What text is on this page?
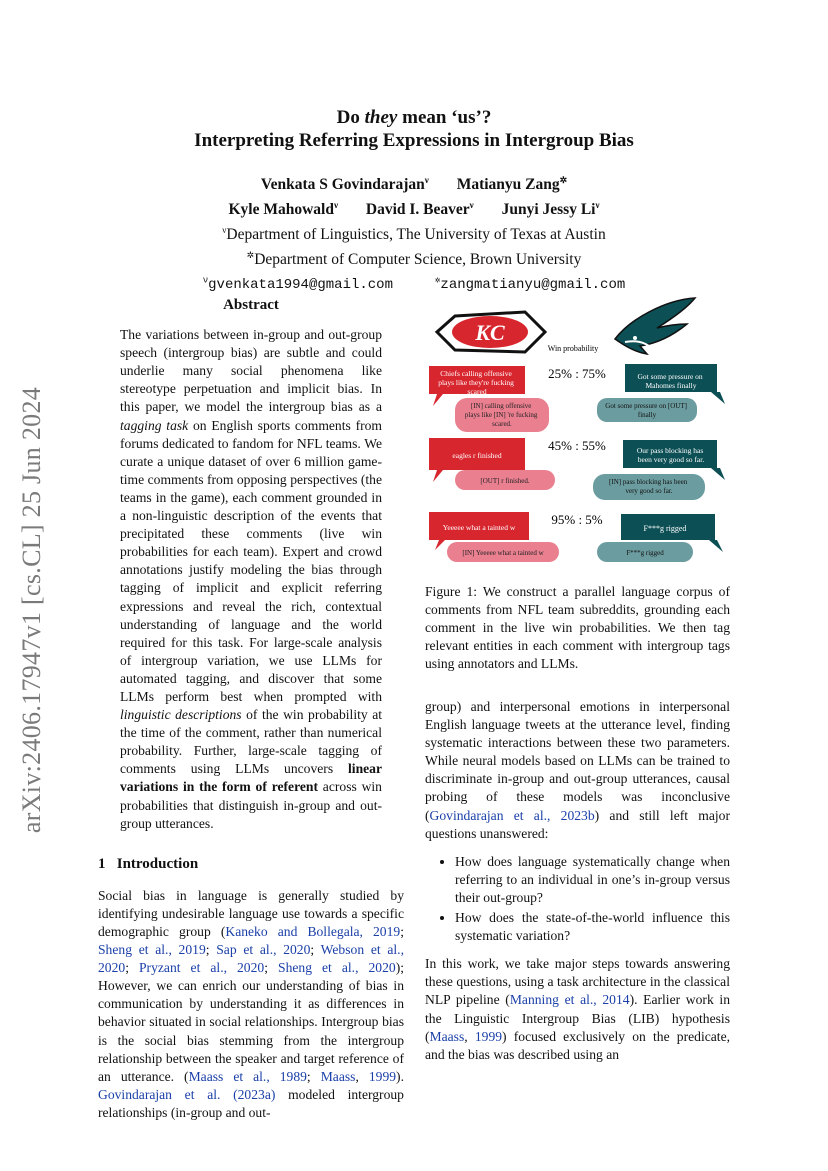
arXiv:2406.17947v1 [cs.CL] 25 Jun 2024
Do they mean ‘us’?
Interpreting Referring Expressions in Intergroup Bias
Venkata S Govindarajan$^\nu$ Matianyu Zang✲
Kyle Mahowald$^\nu$ David I. Beaver$^\nu$ Junyi Jessy $Li^\nu$
$^\nu$Department of Linguistics, The University of Texas at Austin
✲Department of Computer Science, Brown University
$^\nu$gvenkata1994@gmail.com	✲zangmatianyu@gmail.com
Abstract

The variations between in-group and out-group speech (intergroup bias) are subtle and could underlie many social phenomena like stereotype perpetuation and implicit bias. In this paper, we model the intergroup bias as a tagging task on English sports comments from forums dedicated to fandom for NFL teams. We curate a unique dataset of over 6 million game-time comments from opposing perspectives (the teams in the game), each comment grounded in a non-linguistic description of the events that precipitated these comments (live win probabilities for each team). Expert and crowd annotations justify modeling the bias through tagging of implicit and explicit referring expressions and reveal the rich, contextual understanding of language and the world required for this task. For large-scale analysis of intergroup variation, we use LLMs for automated tagging, and discover that some LLMs perform best when prompted with linguistic descriptions of the win probability at the time of the comment, rather than numerical probability. Further, large-scale tagging of comments using LLMs uncovers linear variations in the form of referent across win probabilities that distinguish in-group and out-group utterances.

1   Introduction

Social bias in language is generally studied by identifying undesirable language use towards a specific demographic group (Kaneko and Bollegala, 2019; Sheng et al., 2019; Sap et al., 2020; Webson et al., 2020; Pryzant et al., 2020; Sheng et al., 2020); However, we can enrich our understanding of bias in communication by understanding it as differences in behavior situated in social relationships. Intergroup bias is the social bias stemming from the intergroup relationship between the speaker and target reference of an utterance. (Maass et al., 1989; Maass, 1999). Govindarajan et al. (2023a) modeled intergroup relationships (in-group and out-

KC
Win probability
Chiefs calling offensive plays like they're fucking scared
[IN] calling offensive plays like [IN] 're fucking scared.
25% : 75%	Got some pressure on Mahomes finally
Got some pressure on [OUT] finally
eagles r finished
[OUT] r finished.
45% : 55%	Our pass blocking has been very good so far.
[IN] pass blocking has been very good so far.
Yeeeee what a tainted w
[IN] Yeeeee what a tainted w
95% : 5%
F***g rigged
F***g rigged

Figure 1: We construct a parallel language corpus of comments from NFL team subreddits, grounding each comment in the live win probabilities. We then tag relevant entities in each comment with intergroup tags using annotators and LLMs.

group) and interpersonal emotions in interpersonal English language tweets at the utterance level, finding systematic interactions between these two parameters. While neural models based on LLMs can be trained to discriminate in-group and out-group utterances, causal probing of these models was inconclusive (Govindarajan et al., 2023b) and still left major questions unanswered:

• How does language systematically change when referring to an individual in one’s in-group versus their out-group?
• How does the state-of-the-world influence this systematic variation?

In this work, we take major steps towards answering these questions, using a task architecture in the classical NLP pipeline (Manning et al., 2014). Earlier work in the Linguistic Intergroup Bias (LIB) hypothesis (Maass, 1999) focused exclusively on the predicate, and the bias was described using an
